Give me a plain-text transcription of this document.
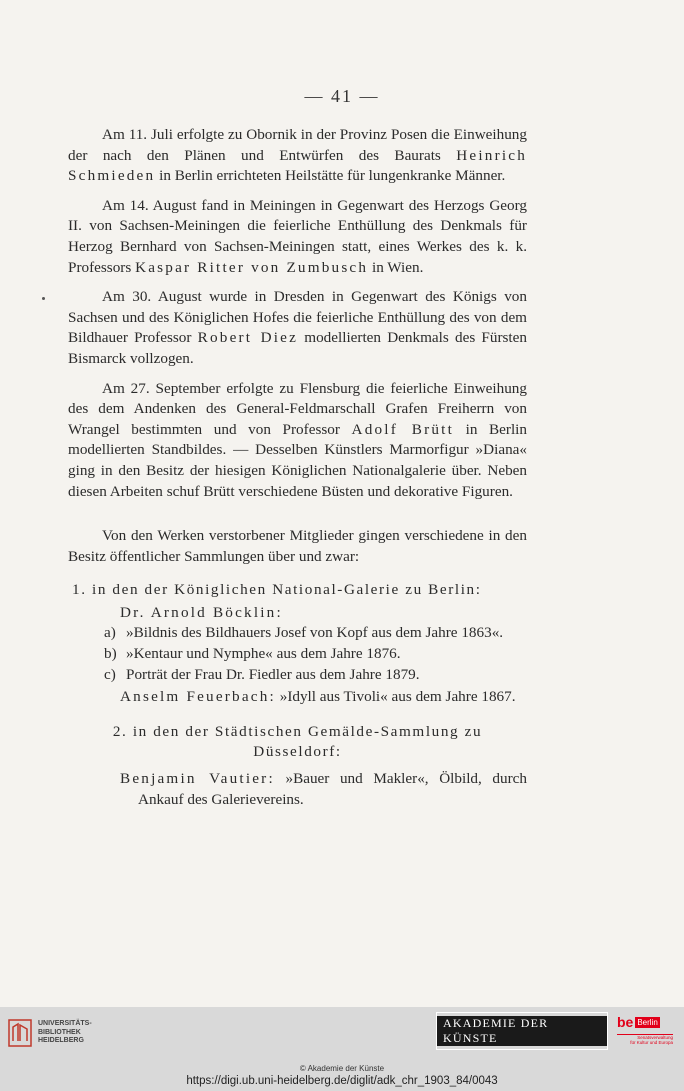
— 41 —

Am 11. Juli erfolgte zu Obornik in der Provinz Posen die Einweihung der nach den Plänen und Entwürfen des Baurats Heinrich Schmieden in Berlin errichteten Heilstätte für lungenkranke Männer.

Am 14. August fand in Meiningen in Gegenwart des Herzogs Georg II. von Sachsen-Meiningen die feierliche Enthüllung des Denkmals für Herzog Bernhard von Sachsen-Meiningen statt, eines Werkes des k. k. Professors Kaspar Ritter von Zumbusch in Wien.

Am 30. August wurde in Dresden in Gegenwart des Königs von Sachsen und des Königlichen Hofes die feierliche Enthüllung des von dem Bildhauer Professor Robert Diez modellierten Denkmals des Fürsten Bismarck vollzogen.

Am 27. September erfolgte zu Flensburg die feierliche Einweihung des dem Andenken des General-Feldmarschall Grafen Freiherrn von Wrangel bestimmten und von Professor Adolf Brütt in Berlin modellierten Standbildes. — Desselben Künstlers Marmorfigur »Diana« ging in den Besitz der hiesigen Königlichen Nationalgalerie über. Neben diesen Arbeiten schuf Brütt verschiedene Büsten und dekorative Figuren.

Von den Werken verstorbener Mitglieder gingen verschiedene in den Besitz öffentlicher Sammlungen über und zwar:

1. in den der Königlichen National-Galerie zu Berlin:

Dr. Arnold Böcklin:
a) »Bildnis des Bildhauers Josef von Kopf aus dem Jahre 1863«.
b) »Kentaur und Nymphe« aus dem Jahre 1876.
c) Porträt der Frau Dr. Fiedler aus dem Jahre 1879.
Anselm Feuerbach: »Idyll aus Tivoli« aus dem Jahre 1867.
2. in den der Städtischen Gemälde-Sammlung zu
Düsseldorf:
Benjamin Vautier: »Bauer und Makler«, Ölbild, durch Ankauf des Galerievereins.
UNIVERSITÄTS-
BIBLIOTHEK
HEIDELBERG
AKADEMIE DER KÜNSTE
be Berlin
Senatsverwaltung
für Kultur und Europa
© Akademie der Künste
https://digi.ub.uni-heidelberg.de/diglit/adk_chr_1903_84/0043
